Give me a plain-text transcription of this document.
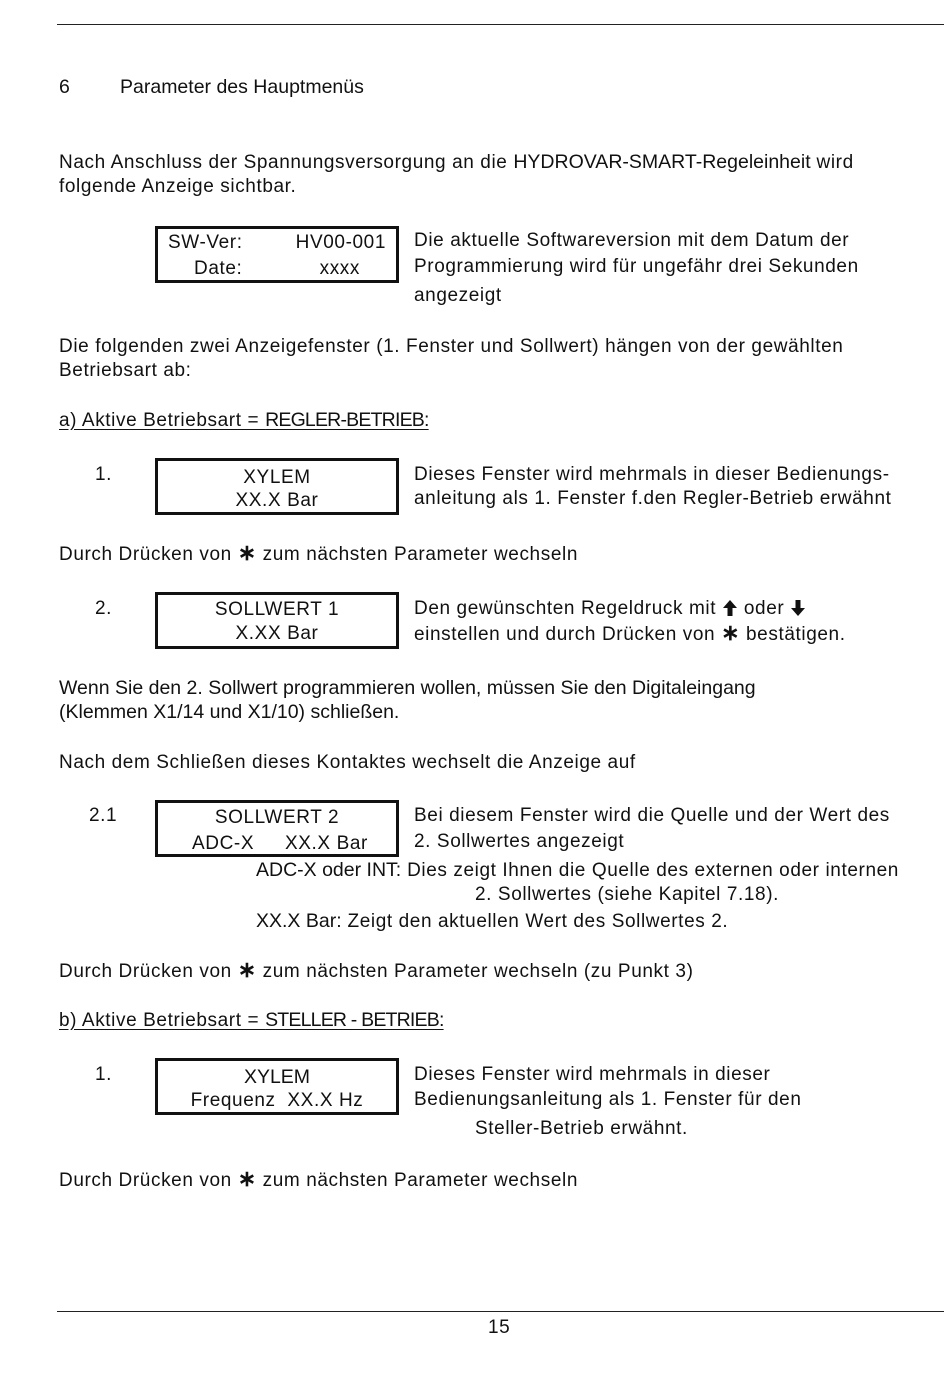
6	Parameter des Hauptmenüs
Nach Anschluss der Spannungsversorgung an die HYDROVAR-SMART-Regeleinheit wird
folgende Anzeige sichtbar.
SW-Ver:	HV00-001
Date:	xxxx
Die aktuelle Softwareversion mit dem Datum der
Programmierung wird für ungefähr drei Sekunden
angezeigt
Die folgenden zwei Anzeigefenster (1. Fenster und Sollwert) hängen von der gewählten
Betriebsart ab:
a) Aktive Betriebsart = REGLER-BETRIEB:
1.	XYLEM
XX.X Bar
Dieses Fenster wird mehrmals in dieser Bedienungs-
anleitung als 1. Fenster f.den Regler-Betrieb erwähnt
Durch Drücken von ∗ zum nächsten Parameter wechseln
2.	SOLLWERT 1
X.XX Bar
Den gewünschten Regeldruck mit  oder
einstellen und durch Drücken von ∗ bestätigen.
Wenn Sie den 2. Sollwert programmieren wollen, müssen Sie den Digitaleingang
(Klemmen X1/14 und X1/10) schließen.
Nach dem Schließen dieses Kontaktes wechselt die Anzeige auf
2.1	SOLLWERT 2
ADC-X XX.X Bar
Bei diesem Fenster wird die Quelle und der Wert des
2. Sollwertes angezeigt
ADC-X oder INT: Dies zeigt Ihnen die Quelle des externen oder internen
2. Sollwertes (siehe Kapitel 7.18).
XX.X Bar: Zeigt den aktuellen Wert des Sollwertes 2.
Durch Drücken von ∗ zum nächsten Parameter wechseln (zu Punkt 3)
b) Aktive Betriebsart = STELLER - BETRIEB:
1.	XYLEM
Frequenz  XX.X Hz
Dieses Fenster wird mehrmals in dieser
Bedienungsanleitung als 1. Fenster für den
Steller-Betrieb erwähnt.
Durch Drücken von ∗ zum nächsten Parameter wechseln
15
